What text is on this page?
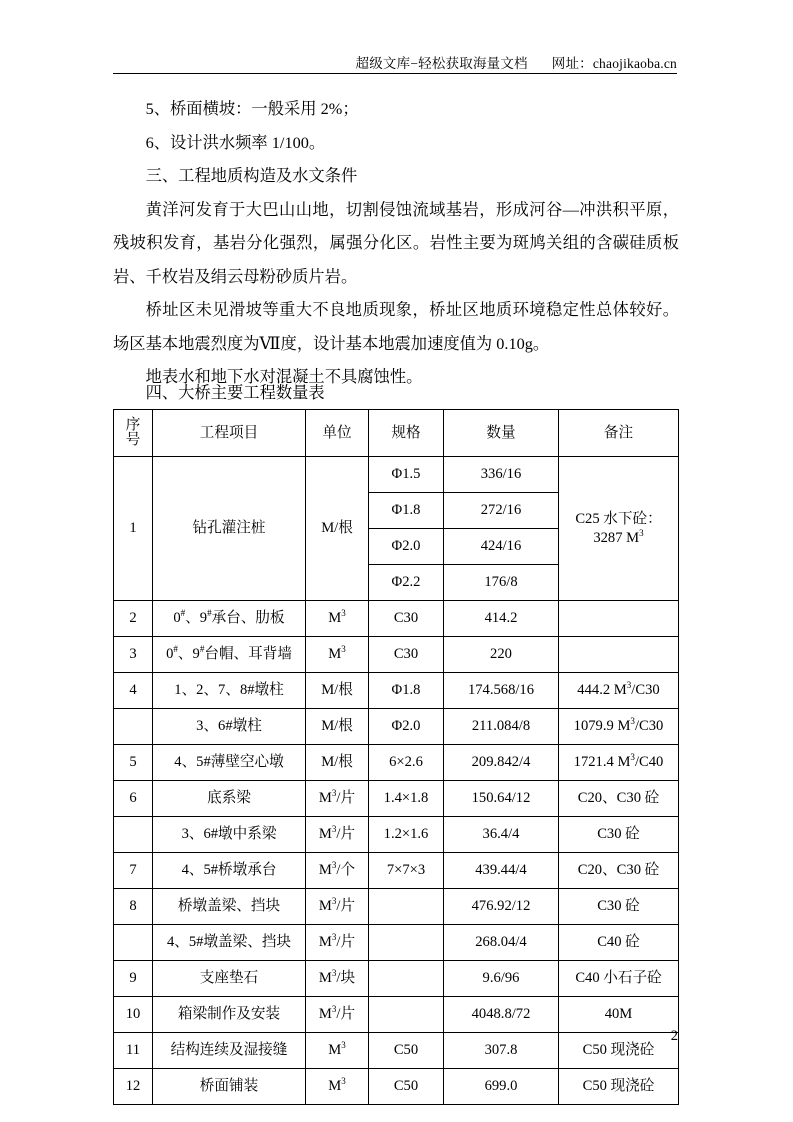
超级文库−轻松获取海量文档 网址：chaojikaoba.cn

5、桥面横坡：一般采用 2%；

6、设计洪水频率 1/100。

三、工程地质构造及水文条件

黄洋河发育于大巴山山地，切割侵蚀流域基岩，形成河谷—冲洪积平原，残坡积发育，基岩分化强烈，属强分化区。岩性主要为斑鸠关组的含碳硅质板岩、千枚岩及绢云母粉砂质片岩。

桥址区未见滑坡等重大不良地质现象，桥址区地质环境稳定性总体较好。场区基本地震烈度为Ⅶ度，设计基本地震加速度值为 0.10g。

地表水和地下水对混凝土不具腐蚀性。

四、大桥主要工程数量表
序
号	工程项目	单位	规格	数量	备注
1	钻孔灌注桩	M/根	Φ1.5	336/16	C25 水下砼：
3287 $M^3$

			Φ1.8	272/16	
			Φ2.0	424/16	
			Φ2.2	176/8	
2	0#、9#承台、肋板	$M^3$	C30	414.2	
3	0#、9#台帽、耳背墙	$M^3$	C30	220	
4	1、2、7、8#墩柱	M/根	Φ1.8	174.568/16	444.2 $M^3/C30$
	3、6#墩柱	M/根	Φ2.0	211.084/8	1079.9 $M^3/C30$
5	4、5#薄壁空心墩	M/根	6×2.6	209.842/4	1721.4 $M^3/C40$
6	底系梁	$M^3/$片	1.4×1.8	150.64/12	C20、C30 砼
	3、6#墩中系梁	$M^3/$片	1.2×1.6	36.4/4	C30 砼
7	4、5#桥墩承台	$M^3/$个	7×7×3	439.44/4	C20、C30 砼
8	桥墩盖梁、挡块	$M^3/$片		476.92/12	C30 砼
	4、5#墩盖梁、挡块	$M^3/$片		268.04/4	C40 砼
9	支座垫石	$M^3/$块		9.6/96	C40 小石子砼
10	箱梁制作及安装	$M^3/$片		4048.8/72	40M
11	结构连续及湿接缝	$M^3$	C50	307.8	C50 现浇砼
12	桥面铺装	$M^3$	C50	699.0	C50 现浇砼
2
